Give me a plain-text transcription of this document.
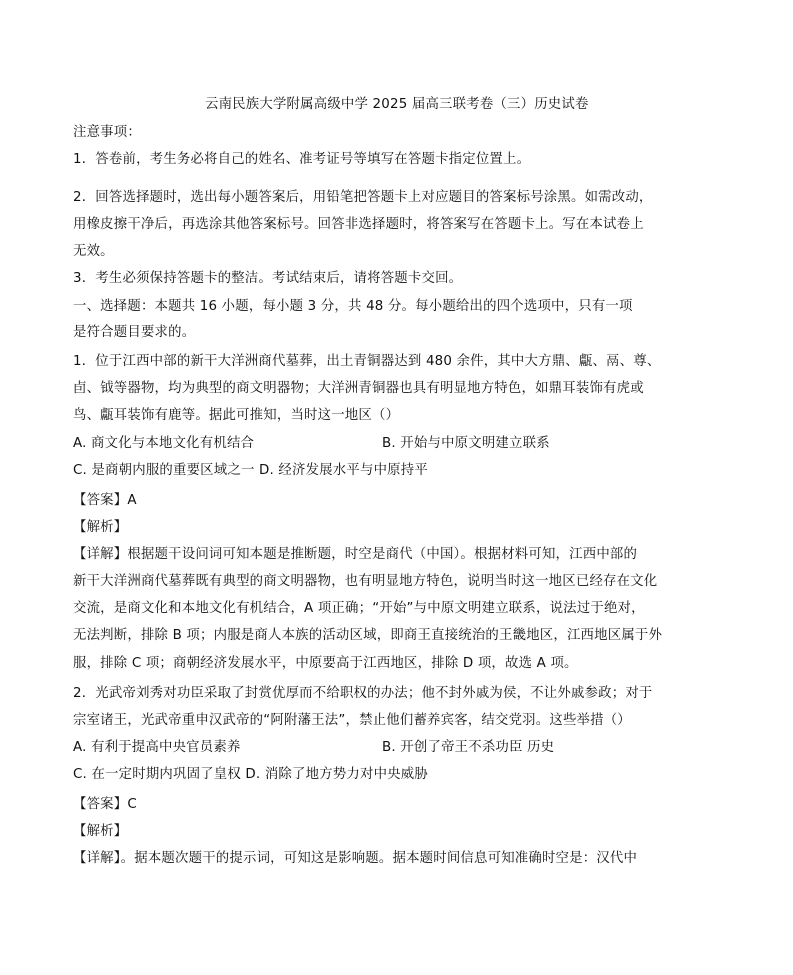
云南民族大学附属高级中学 2025 届高三联考卷（三）历史试卷
注意事项：
1．答卷前，考生务必将自己的姓名、准考证号等填写在答题卡指定位置上。
2．回答选择题时，选出每小题答案后，用铅笔把答题卡上对应题目的答案标号涂黑。如需改动，
用橡皮擦干净后，再选涂其他答案标号。回答非选择题时，将答案写在答题卡上。写在本试卷上
无效。
3．考生必须保持答题卡的整洁。考试结束后，请将答题卡交回。
一、选择题：本题共 16 小题，每小题 3 分，共 48 分。每小题给出的四个选项中，只有一项
是符合题目要求的。
1．位于江西中部的新干大洋洲商代墓葬，出土青铜器达到 480 余件，其中大方鼎、甗、鬲、尊、
卣、钺等器物，均为典型的商文明器物；大洋洲青铜器也具有明显地方特色，如鼎耳装饰有虎或
鸟、甗耳装饰有鹿等。据此可推知，当时这一地区（）
A. 商文化与本地文化有机结合	B. 开始与中原文明建立联系
C. 是商朝内服的重要区域之一 D. 经济发展水平与中原持平
【答案】A
【解析】
【详解】根据题干设问词可知本题是推断题，时空是商代（中国）。根据材料可知，江西中部的
新干大洋洲商代墓葬既有典型的商文明器物，也有明显地方特色，说明当时这一地区已经存在文化
交流，是商文化和本地文化有机结合，A 项正确；“开始”与中原文明建立联系，说法过于绝对，
无法判断，排除 B 项；内服是商人本族的活动区域，即商王直接统治的王畿地区，江西地区属于外
服，排除 C 项；商朝经济发展水平，中原要高于江西地区，排除 D 项，故选 A 项。
2．光武帝刘秀对功臣采取了封赏优厚而不给职权的办法；他不封外戚为侯，不让外戚参政；对于
宗室诸王，光武帝重申汉武帝的“阿附藩王法”，禁止他们蓄养宾客，结交党羽。这些举措（）
A. 有利于提高中央官员素养	B. 开创了帝王不杀功臣 历史
C. 在一定时期内巩固了皇权 D. 消除了地方势力对中央威胁
【答案】C
【解析】
【详解】。据本题次题干的提示词，可知这是影响题。据本题时间信息可知准确时空是：汉代中
